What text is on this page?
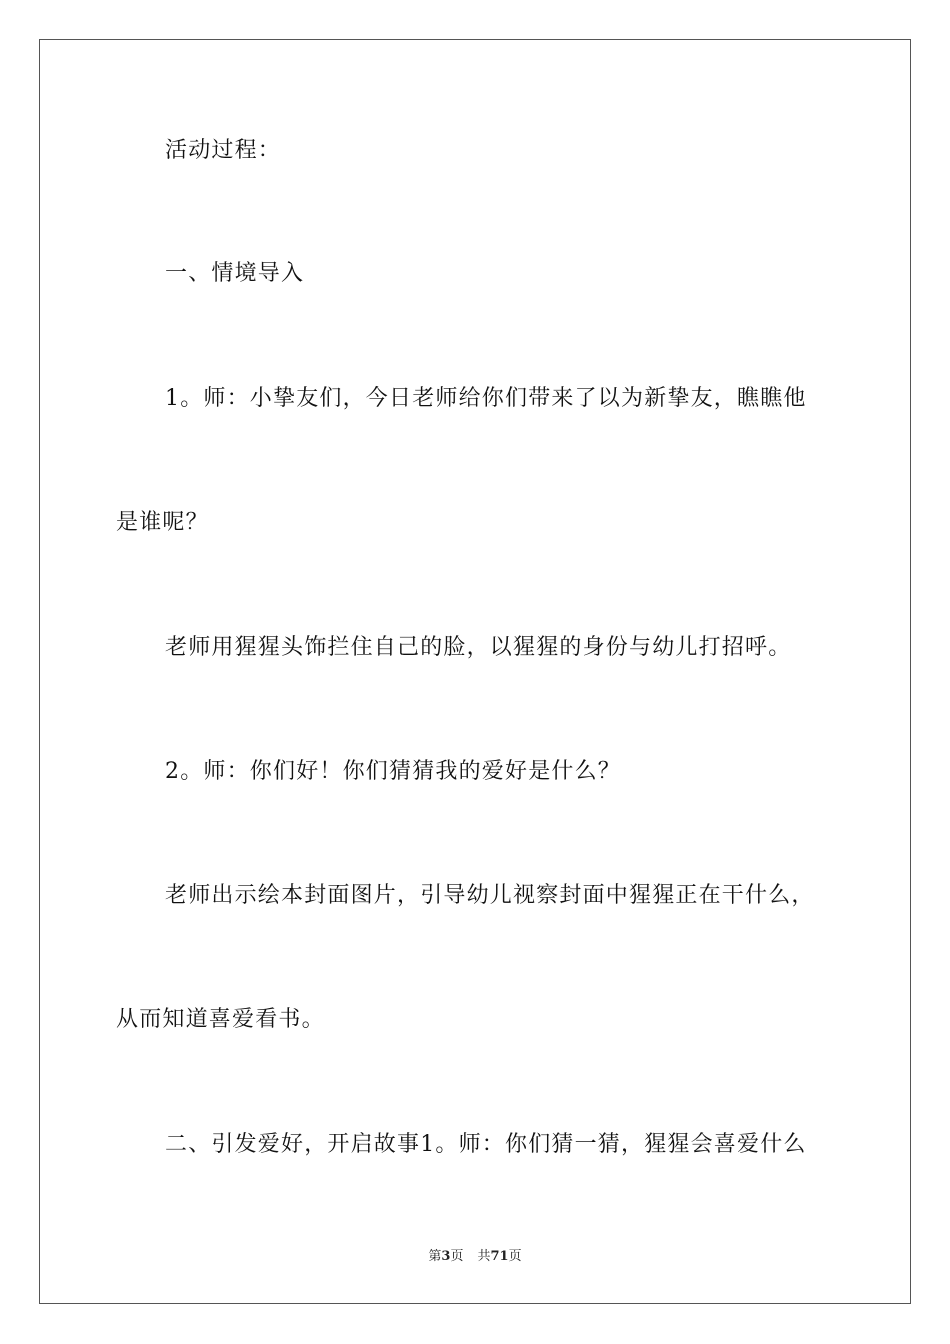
活动过程：
一、情境导入
1。师：小挚友们，今日老师给你们带来了以为新挚友，瞧瞧他
是谁呢？
老师用猩猩头饰拦住自己的脸，以猩猩的身份与幼儿打招呼。
2。师：你们好！你们猜猜我的爱好是什么？
老师出示绘本封面图片，引导幼儿视察封面中猩猩正在干什么，
从而知道喜爱看书。
二、引发爱好，开启故事1。师：你们猜一猜，猩猩会喜爱什么
第3页 共71页
